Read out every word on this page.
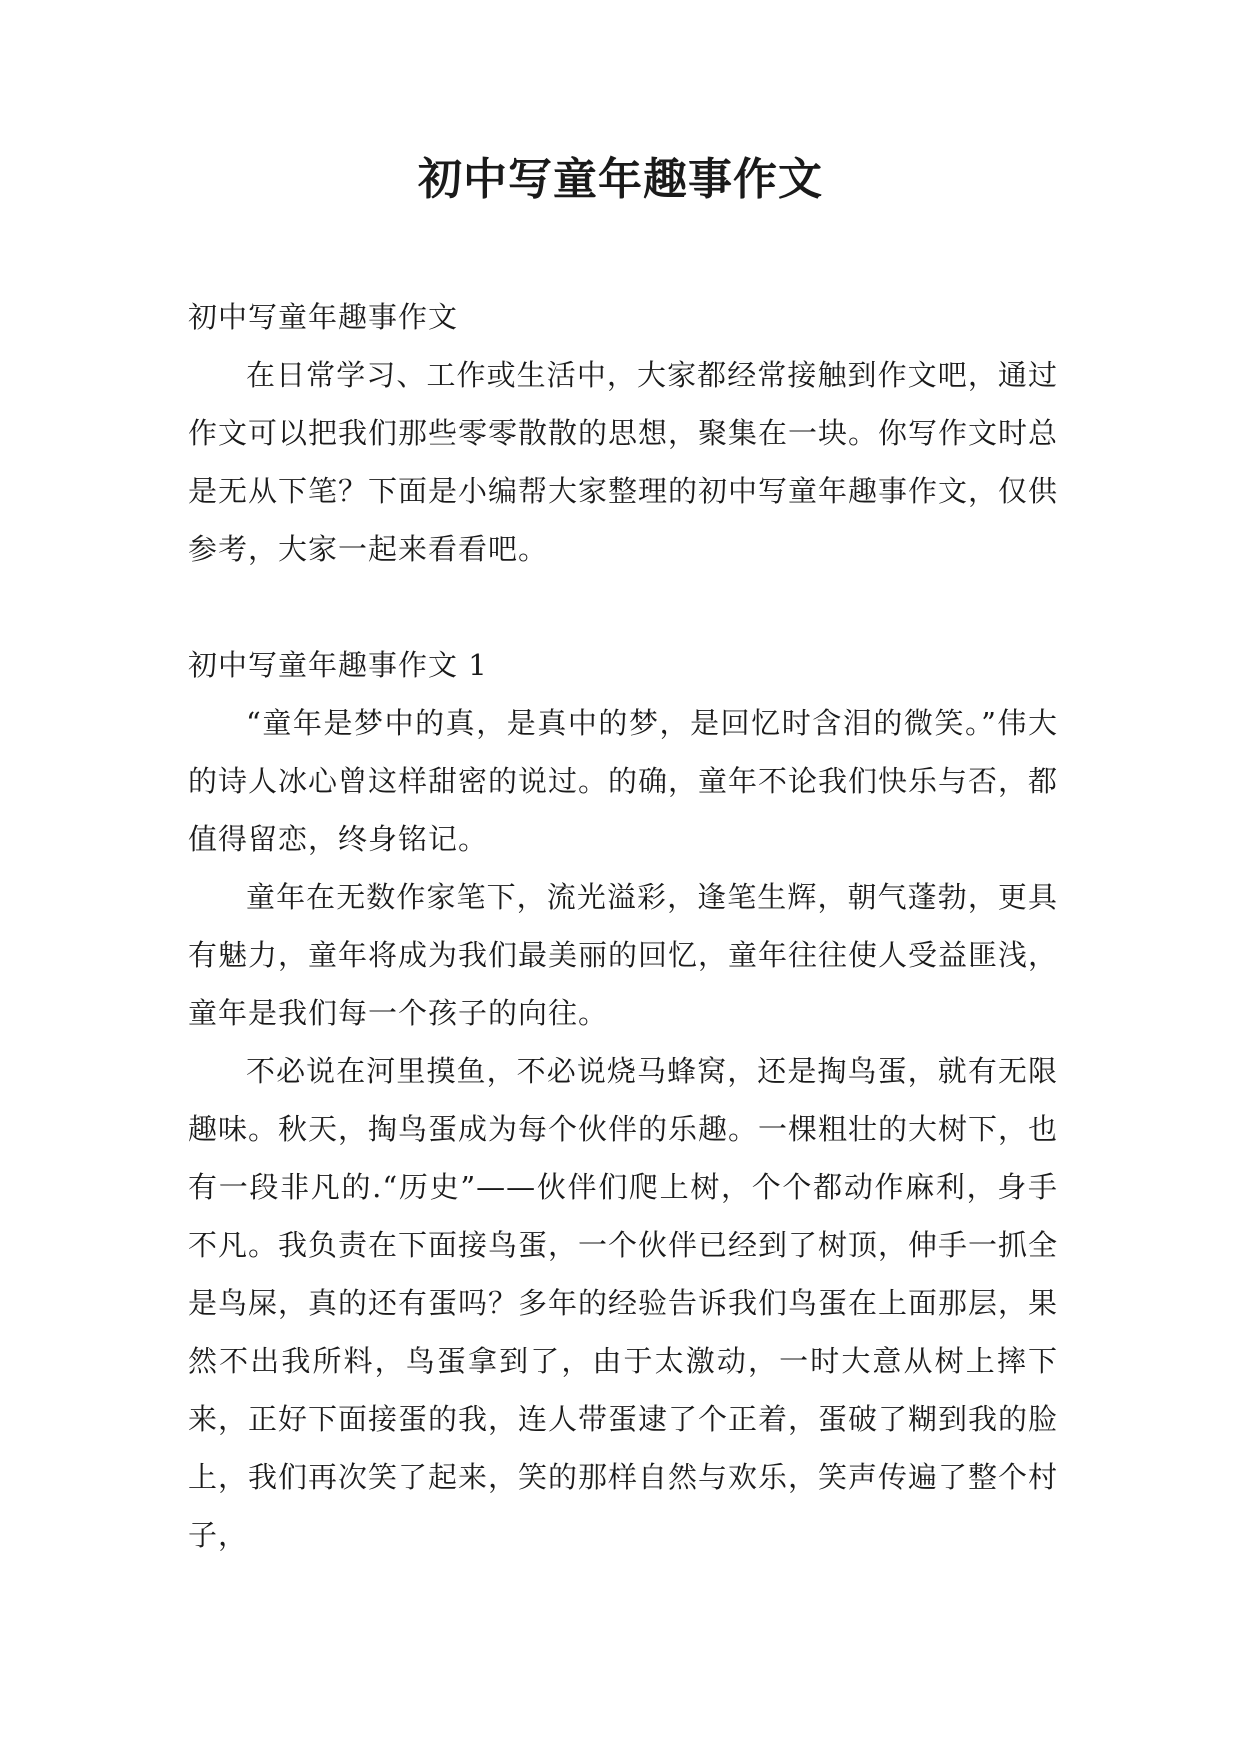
初中写童年趣事作文

初中写童年趣事作文

在日常学习、工作或生活中，大家都经常接触到作文吧，通过作文可以把我们那些零零散散的思想，聚集在一块。你写作文时总是无从下笔？下面是小编帮大家整理的初中写童年趣事作文，仅供参考，大家一起来看看吧。

初中写童年趣事作文 1

“童年是梦中的真，是真中的梦，是回忆时含泪的微笑。”伟大的诗人冰心曾这样甜密的说过。的确，童年不论我们快乐与否，都值得留恋，终身铭记。

童年在无数作家笔下，流光溢彩，逢笔生辉，朝气蓬勃，更具有魅力，童年将成为我们最美丽的回忆，童年往往使人受益匪浅，童年是我们每一个孩子的向往。

不必说在河里摸鱼，不必说烧马蜂窝，还是掏鸟蛋，就有无限趣味。秋天，掏鸟蛋成为每个伙伴的乐趣。一棵粗壮的大树下，也有一段非凡的.“历史”——伙伴们爬上树，个个都动作麻利，身手不凡。我负责在下面接鸟蛋，一个伙伴已经到了树顶，伸手一抓全是鸟屎，真的还有蛋吗？多年的经验告诉我们鸟蛋在上面那层，果然不出我所料，鸟蛋拿到了，由于太激动，一时大意从树上摔下来，正好下面接蛋的我，连人带蛋逮了个正着，蛋破了糊到我的脸上，我们再次笑了起来，笑的那样自然与欢乐，笑声传遍了整个村子，
